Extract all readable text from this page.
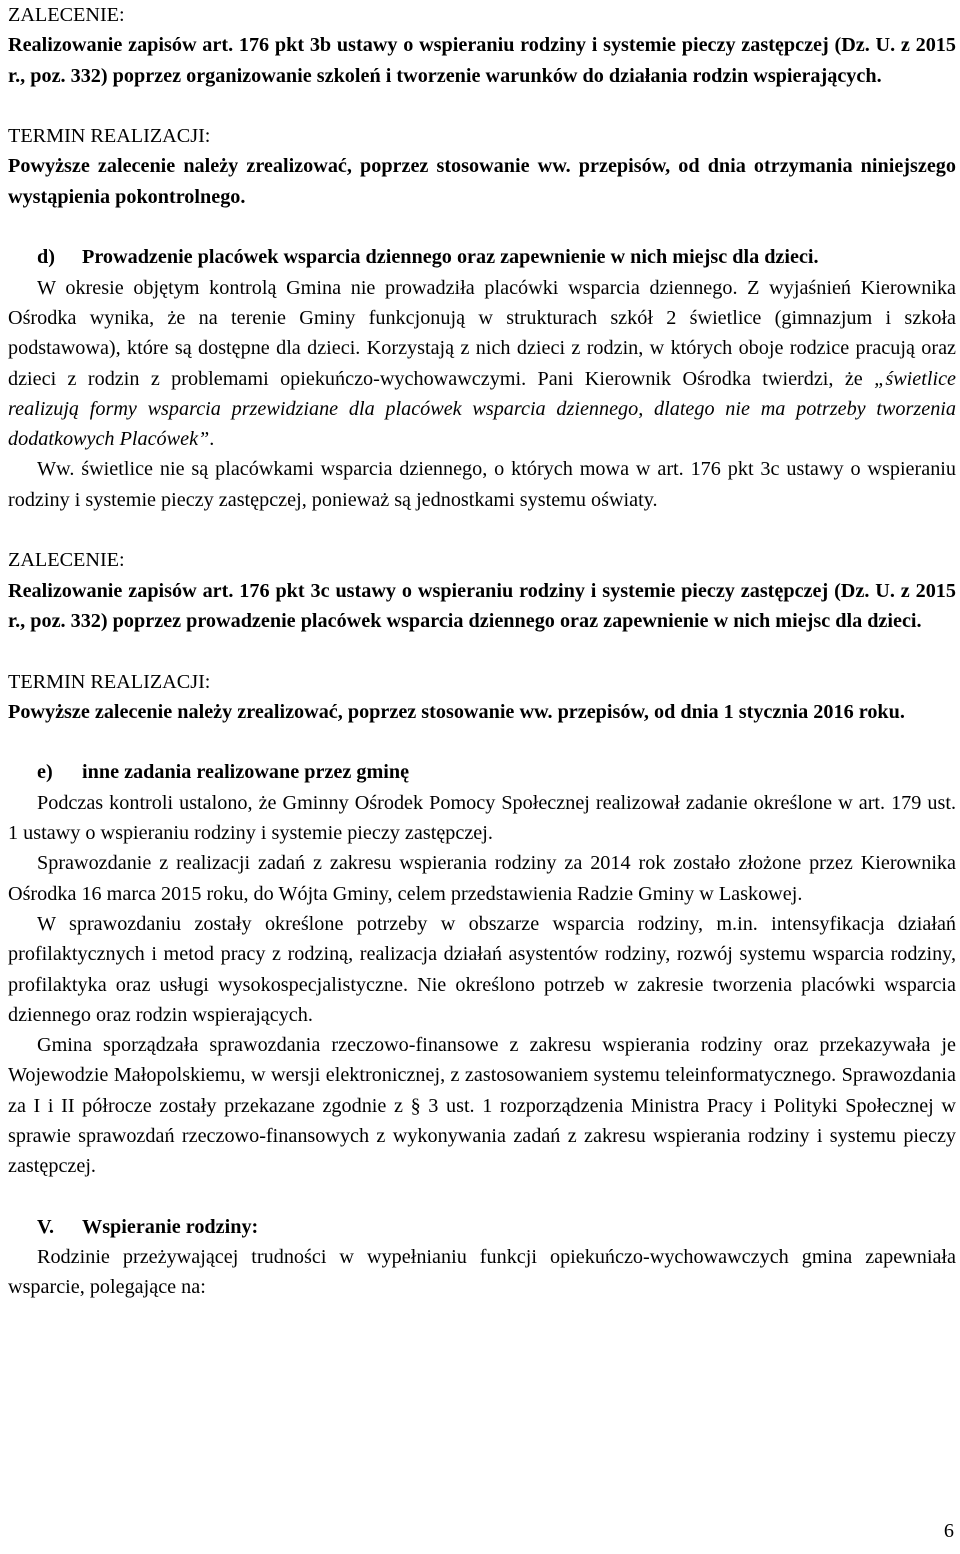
ZALECENIE:

Realizowanie zapisów art. 176 pkt 3b ustawy o wspieraniu rodziny i systemie pieczy zastępczej (Dz. U. z 2015 r., poz. 332) poprzez organizowanie szkoleń i tworzenie warunków do działania rodzin wspierających.

TERMIN REALIZACJI:

Powyższe zalecenie należy zrealizować, poprzez stosowanie ww. przepisów, od dnia otrzymania niniejszego wystąpienia pokontrolnego.

d) Prowadzenie placówek wsparcia dziennego oraz zapewnienie w nich miejsc dla dzieci.

W okresie objętym kontrolą Gmina nie prowadziła placówki wsparcia dziennego. Z wyjaśnień Kierownika Ośrodka wynika, że na terenie Gminy funkcjonują w strukturach szkół 2 świetlice (gimnazjum i szkoła podstawowa), które są dostępne dla dzieci. Korzystają z nich dzieci z rodzin, w których oboje rodzice pracują oraz dzieci z rodzin z problemami opiekuńczo-wychowawczymi. Pani Kierownik Ośrodka twierdzi, że „świetlice realizują formy wsparcia przewidziane dla placówek wsparcia dziennego, dlatego nie ma potrzeby tworzenia dodatkowych Placówek”.

Ww. świetlice nie są placówkami wsparcia dziennego, o których mowa w art. 176 pkt 3c ustawy o wspieraniu rodziny i systemie pieczy zastępczej, ponieważ są jednostkami systemu oświaty.

ZALECENIE:

Realizowanie zapisów art. 176 pkt 3c ustawy o wspieraniu rodziny i systemie pieczy zastępczej (Dz. U. z 2015 r., poz. 332) poprzez prowadzenie placówek wsparcia dziennego oraz zapewnienie w nich miejsc dla dzieci.

TERMIN REALIZACJI:

Powyższe zalecenie należy zrealizować, poprzez stosowanie ww. przepisów, od dnia 1 stycznia 2016 roku.

e) inne zadania realizowane przez gminę

Podczas kontroli ustalono, że Gminny Ośrodek Pomocy Społecznej realizował zadanie określone w art. 179 ust. 1 ustawy o wspieraniu rodziny i systemie pieczy zastępczej.

Sprawozdanie z realizacji zadań z zakresu wspierania rodziny za 2014 rok zostało złożone przez Kierownika Ośrodka 16 marca 2015 roku, do Wójta Gminy, celem przedstawienia Radzie Gminy w Laskowej.

W sprawozdaniu zostały określone potrzeby w obszarze wsparcia rodziny, m.in. intensyfikacja działań profilaktycznych i metod pracy z rodziną, realizacja działań asystentów rodziny, rozwój systemu wsparcia rodziny, profilaktyka oraz usługi wysokospecjalistyczne. Nie określono potrzeb w zakresie tworzenia placówki wsparcia dziennego oraz rodzin wspierających.

Gmina sporządzała sprawozdania rzeczowo-finansowe z zakresu wspierania rodziny oraz przekazywała je Wojewodzie Małopolskiemu, w wersji elektronicznej, z zastosowaniem systemu teleinformatycznego. Sprawozdania za I i II półrocze zostały przekazane zgodnie z § 3 ust. 1 rozporządzenia Ministra Pracy i Polityki Społecznej w sprawie sprawozdań rzeczowo-finansowych z wykonywania zadań z zakresu wspierania rodziny i systemu pieczy zastępczej.

V. Wspieranie rodziny:

Rodzinie przeżywającej trudności w wypełnianiu funkcji opiekuńczo-wychowawczych gmina zapewniała wsparcie, polegające na:

6
